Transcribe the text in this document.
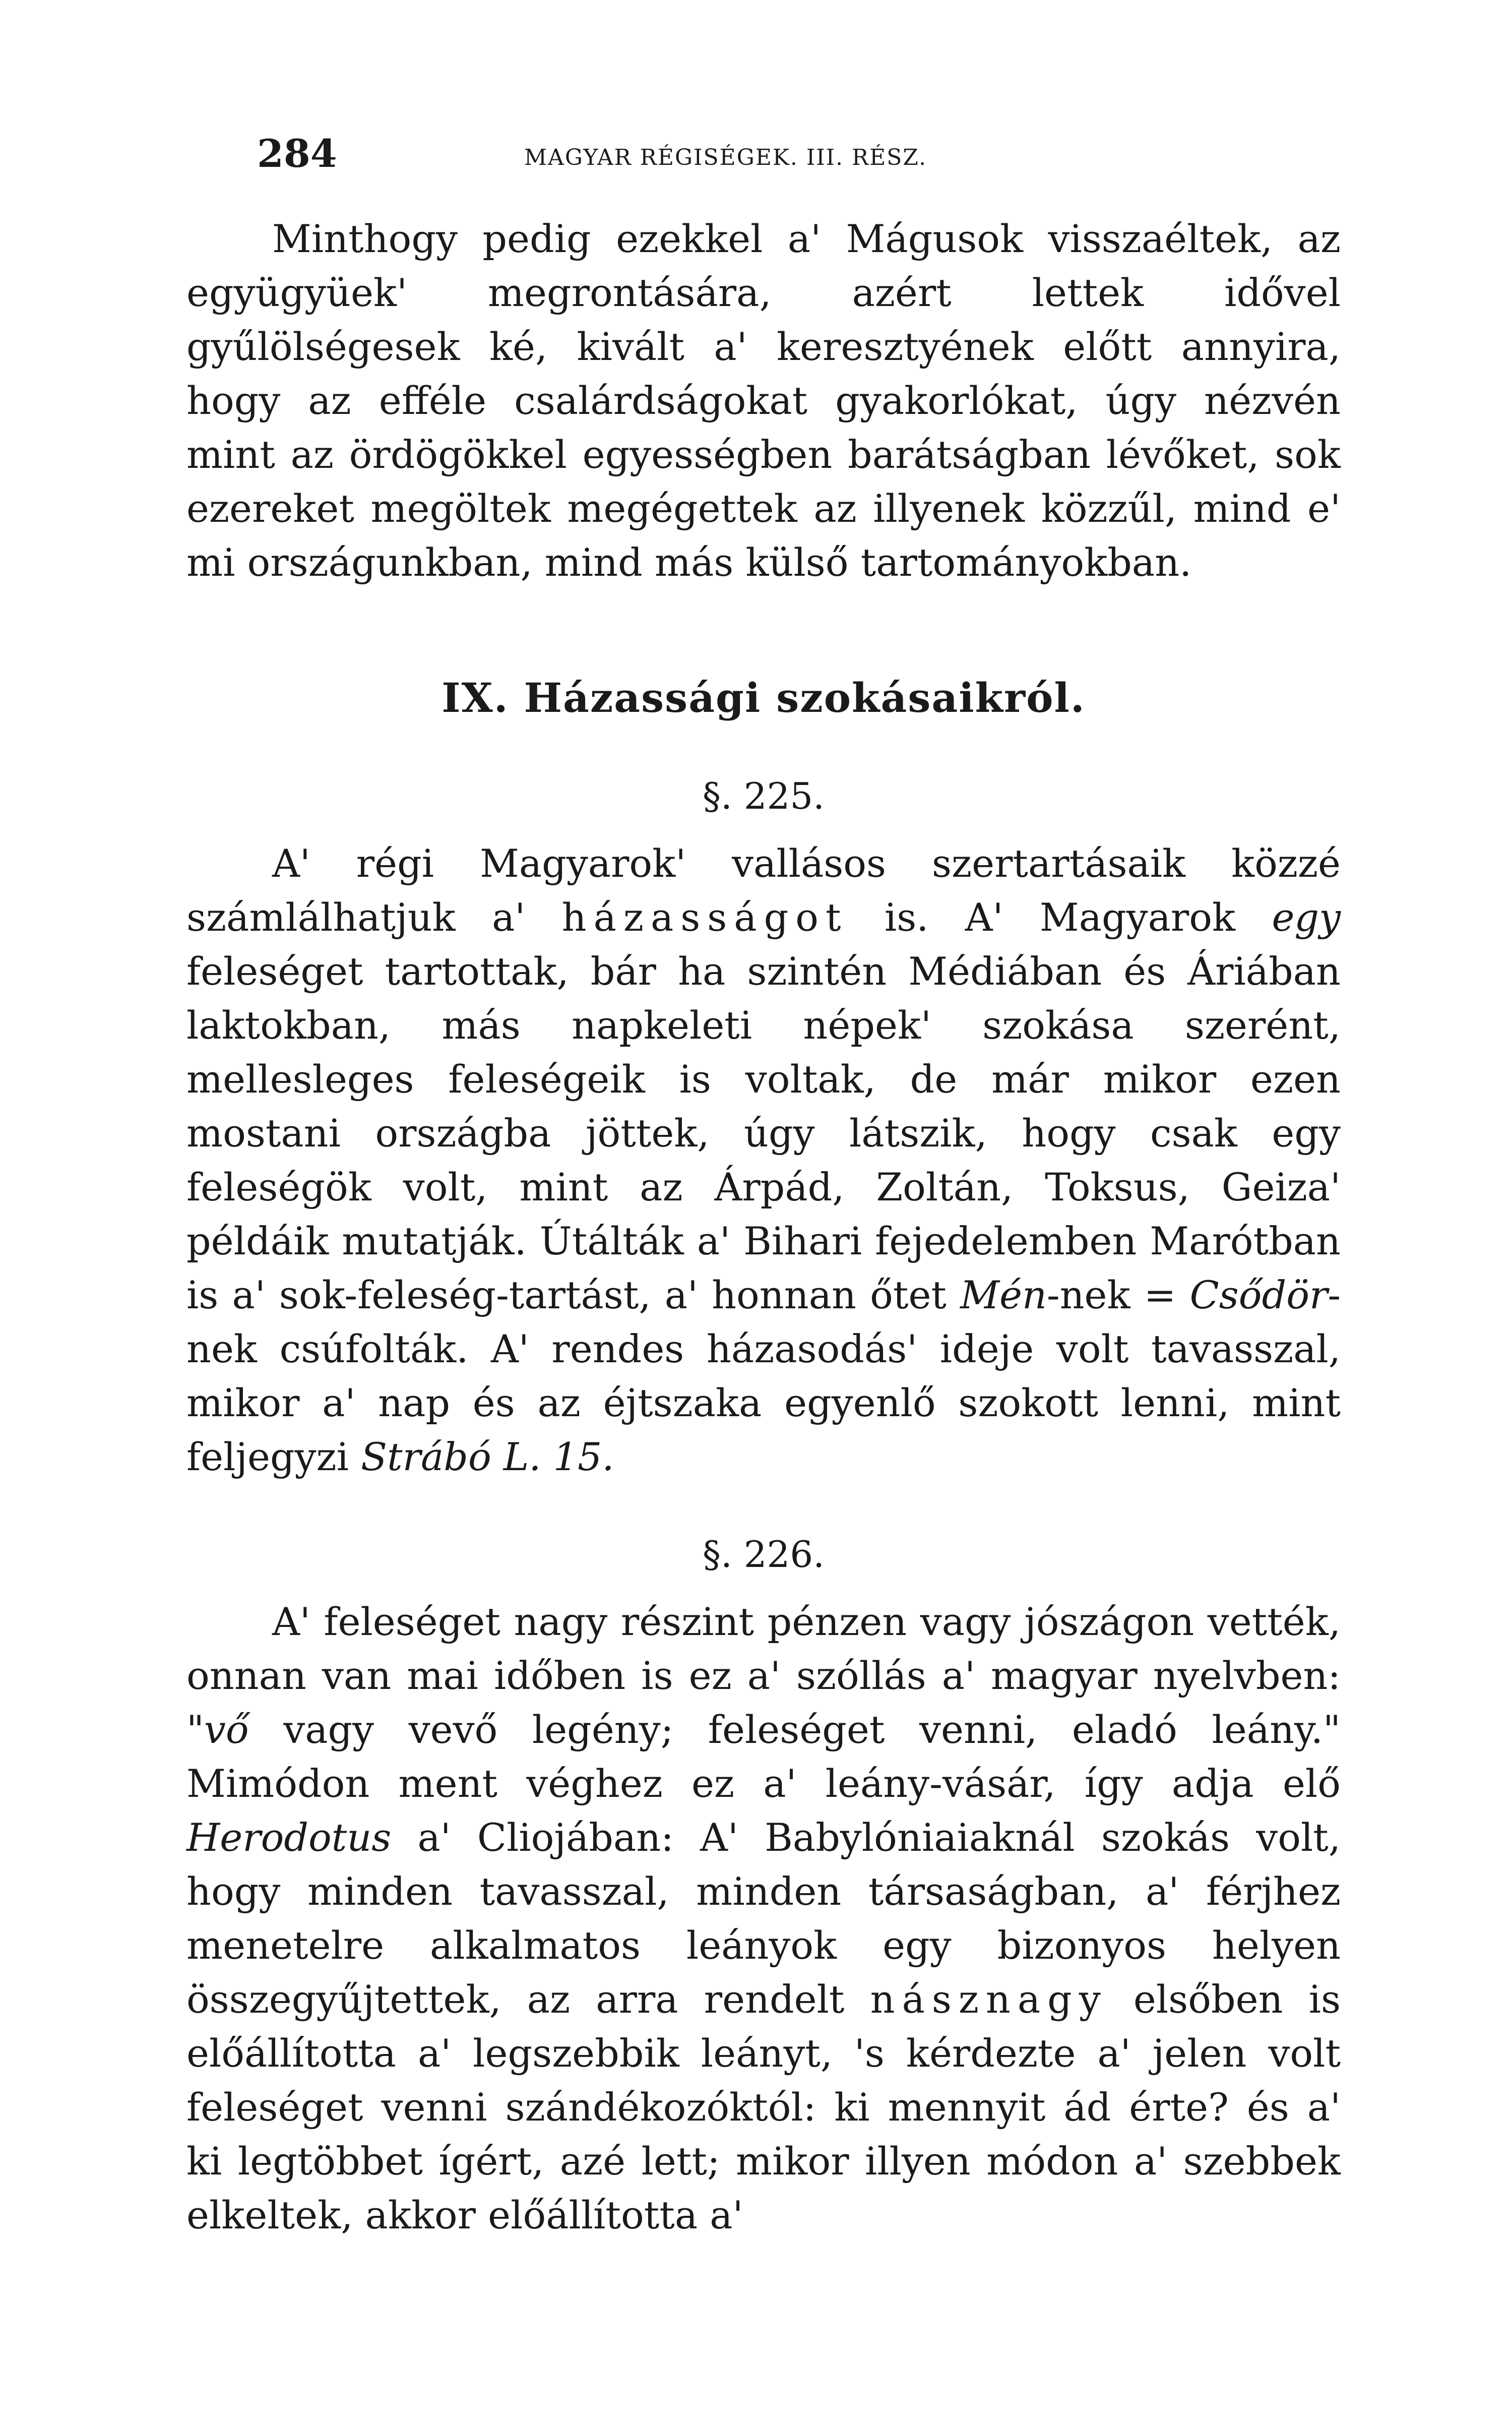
284	MAGYAR RÉGISÉGEK. III. RÉSZ.

Minthogy pedig ezekkel a' Mágusok visszaéltek, az együgyüek' megrontására, azért lettek idővel gyűlölségesek ké, kivált a' keresztyének előtt annyira, hogy az efféle csalárdságokat gyakorlókat, úgy nézvén mint az ördögökkel egyességben barátságban lévőket, sok ezereket megöltek megégettek az illyenek közzűl, mind e' mi országunkban, mind más külső tartományokban.

IX. Házassági szokásaikról.
§. 225.

A' régi Magyarok' vallásos szertartásaik közzé számlálhatjuk a' házasságot is. A' Magyarok egy feleséget tartottak, bár ha szintén Médiában és Áriában laktokban, más napkeleti népek' szokása szerént, mellesleges feleségeik is voltak, de már mikor ezen mostani országba jöttek, úgy látszik, hogy csak egy feleségök volt, mint az Árpád, Zoltán, Toksus, Geiza' példáik mutatják. Útálták a' Bihari fejedelemben Marótban is a' sok-feleség-tartást, a' honnan őtet Mén-nek = Csődör-nek csúfolták. A' rendes házasodás' ideje volt tavasszal, mikor a' nap és az éjtszaka egyenlő szokott lenni, mint feljegyzi Strábó L. 15.

§. 226.

A' feleséget nagy részint pénzen vagy jószágon vették, onnan van mai időben is ez a' szóllás a' magyar nyelvben: "vő vagy vevő legény; feleséget venni, eladó leány." Mimódon ment véghez ez a' leány-vásár, így adja elő Herodotus a' Cliojában: A' Babylóniaiaknál szokás volt, hogy minden tavasszal, minden társaságban, a' férjhez menetelre alkalmatos leányok egy bizonyos helyen összegyűjtettek, az arra rendelt násznagy elsőben is előállította a' legszebbik leányt, 's kérdezte a' jelen volt feleséget venni szándékozóktól: ki mennyit ád érte? és a' ki legtöbbet ígért, azé lett; mikor illyen módon a' szebbek elkeltek, akkor előállította a'
